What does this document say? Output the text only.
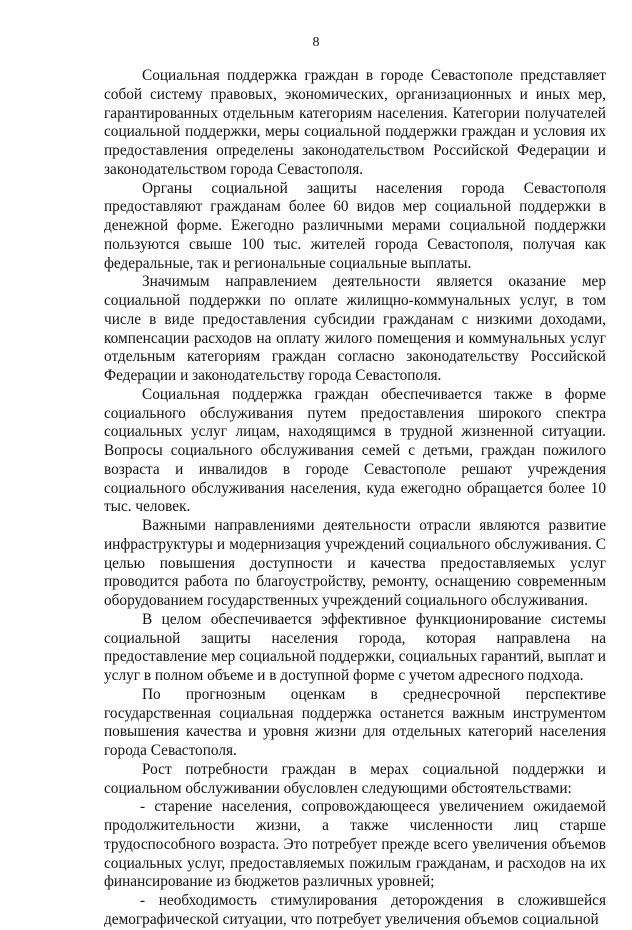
8

Социальная поддержка граждан в городе Севастополе представляет собой систему правовых, экономических, организационных и иных мер, гарантированных отдельным категориям населения. Категории получателей социальной поддержки, меры социальной поддержки граждан и условия их предоставления определены законодательством Российской Федерации и законодательством города Севастополя.

Органы социальной защиты населения города Севастополя предоставляют гражданам более 60 видов мер социальной поддержки в денежной форме. Ежегодно различными мерами социальной поддержки пользуются свыше 100 тыс. жителей города Севастополя, получая как федеральные, так и региональные социальные выплаты.

Значимым направлением деятельности является оказание мер социальной поддержки по оплате жилищно-коммунальных услуг, в том числе в виде предоставления субсидии гражданам с низкими доходами, компенсации расходов на оплату жилого помещения и коммунальных услуг отдельным категориям граждан согласно законодательству Российской Федерации и законодательству города Севастополя.

Социальная поддержка граждан обеспечивается также в форме социального обслуживания путем предоставления широкого спектра социальных услуг лицам, находящимся в трудной жизненной ситуации. Вопросы социального обслуживания семей с детьми, граждан пожилого возраста и инвалидов в городе Севастополе решают учреждения социального обслуживания населения, куда ежегодно обращается более 10 тыс. человек.

Важными направлениями деятельности отрасли являются развитие инфраструктуры и модернизация учреждений социального обслуживания. С целью повышения доступности и качества предоставляемых услуг проводится работа по благоустройству, ремонту, оснащению современным оборудованием государственных учреждений социального обслуживания.

В целом обеспечивается эффективное функционирование системы социальной защиты населения города, которая направлена на предоставление мер социальной поддержки, социальных гарантий, выплат и услуг в полном объеме и в доступной форме с учетом адресного подхода.

По прогнозным оценкам в среднесрочной перспективе государственная социальная поддержка останется важным инструментом повышения качества и уровня жизни для отдельных категорий населения города Севастополя.

Рост потребности граждан в мерах социальной поддержки и социальном обслуживании обусловлен следующими обстоятельствами:

- старение населения, сопровождающееся увеличением ожидаемой продолжительности жизни, а также численности лиц старше трудоспособного возраста. Это потребует прежде всего увеличения объемов социальных услуг, предоставляемых пожилым гражданам, и расходов на их финансирование из бюджетов различных уровней;

- необходимость стимулирования деторождения в сложившейся демографической ситуации, что потребует увеличения объемов социальной
